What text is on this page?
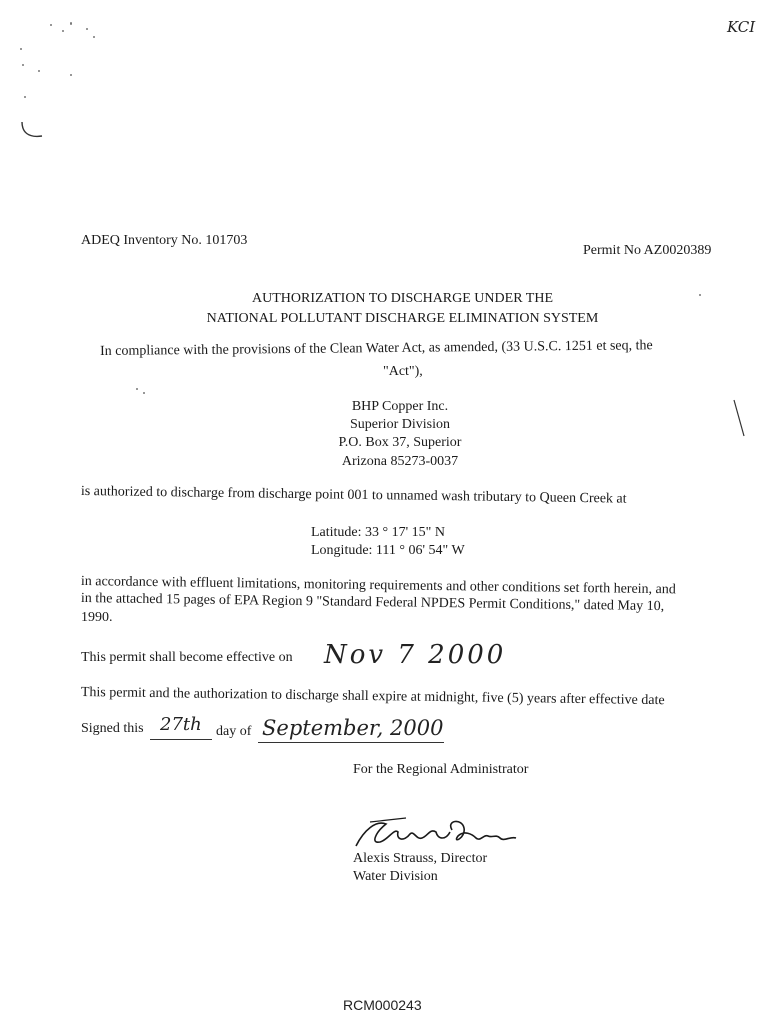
KCI
ADEQ Inventory No. 101703
Permit No AZ0020389
AUTHORIZATION TO DISCHARGE UNDER THE
NATIONAL POLLUTANT DISCHARGE ELIMINATION SYSTEM
In compliance with the provisions of the Clean Water Act, as amended, (33 U.S.C. 1251 et seq, the
"Act"),
BHP Copper Inc.
Superior Division
P.O. Box 37, Superior
Arizona 85273-0037
is authorized to discharge from discharge point 001 to unnamed wash tributary to Queen Creek at
Latitude: 33 ° 17' 15" N
Longitude: 111 ° 06' 54" W
in accordance with effluent limitations, monitoring requirements and other conditions set forth herein, and
in the attached 15 pages of EPA Region 9 "Standard Federal NPDES Permit Conditions," dated May 10,
1990.
This permit shall become effective on Nov 7 2000
This permit and the authorization to discharge shall expire at midnight, five (5) years after effective date
Signed this 27th day of September, 2000
For the Regional Administrator
Alexis Strauss, Director
Water Division
RCM000243
